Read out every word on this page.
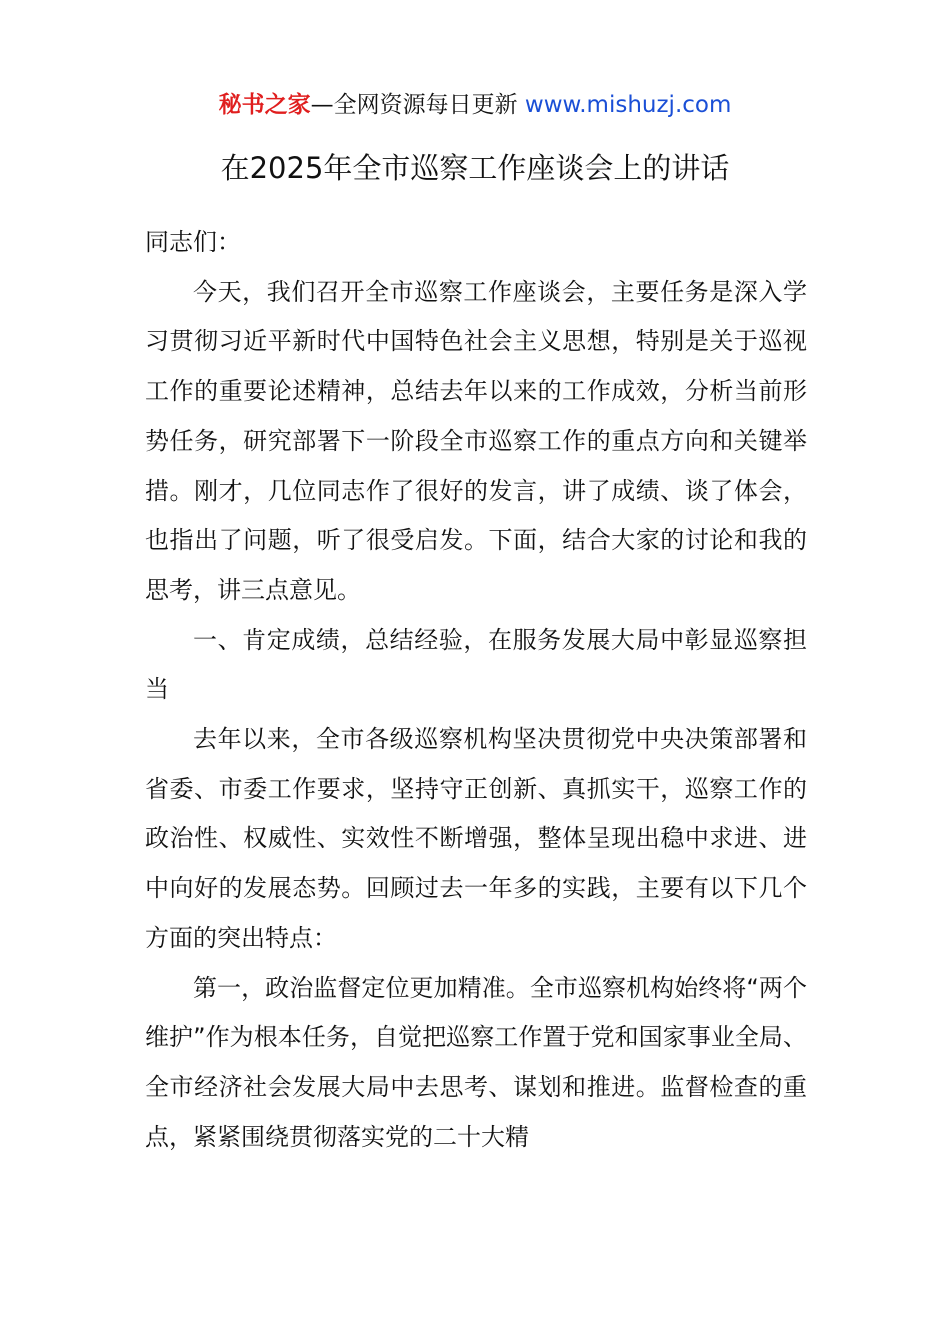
秘书之家—全网资源每日更新 www.mishuzj.com
在2025年全市巡察工作座谈会上的讲话

同志们：

今天，我们召开全市巡察工作座谈会，主要任务是深入学习贯彻习近平新时代中国特色社会主义思想，特别是关于巡视工作的重要论述精神，总结去年以来的工作成效，分析当前形势任务，研究部署下一阶段全市巡察工作的重点方向和关键举措。刚才，几位同志作了很好的发言，讲了成绩、谈了体会，也指出了问题，听了很受启发。下面，结合大家的讨论和我的思考，讲三点意见。

一、肯定成绩，总结经验，在服务发展大局中彰显巡察担当

去年以来，全市各级巡察机构坚决贯彻党中央决策部署和省委、市委工作要求，坚持守正创新、真抓实干，巡察工作的政治性、权威性、实效性不断增强，整体呈现出稳中求进、进中向好的发展态势。回顾过去一年多的实践，主要有以下几个方面的突出特点：

第一，政治监督定位更加精准。全市巡察机构始终将“两个维护”作为根本任务，自觉把巡察工作置于党和国家事业全局、全市经济社会发展大局中去思考、谋划和推进。监督检查的重点，紧紧围绕贯彻落实党的二十大精
